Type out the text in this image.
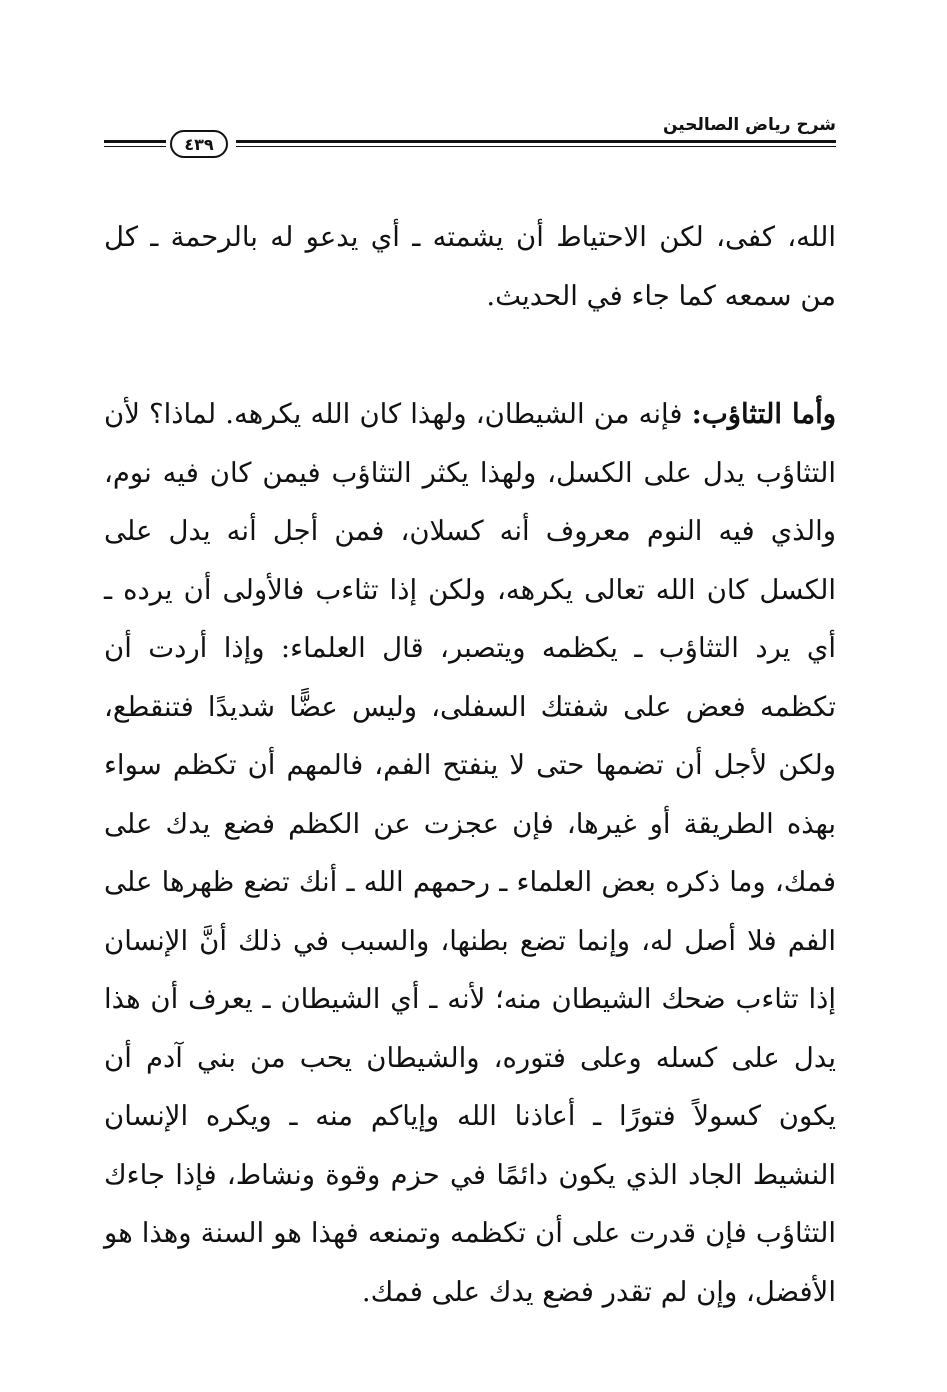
٤٣٩
شرح رياض الصالحين

الله، كفى، لكن الاحتياط أن يشمته ـ أي يدعو له بالرحمة ـ كل من سمعه كما جاء في الحديث.

وأما التثاؤب: فإنه من الشيطان، ولهذا كان الله يكرهه. لماذا؟ لأن التثاؤب يدل على الكسل، ولهذا يكثر التثاؤب فيمن كان فيه نوم، والذي فيه النوم معروف أنه كسلان، فمن أجل أنه يدل على الكسل كان الله تعالى يكرهه، ولكن إذا تثاءب فالأولى أن يرده ـ أي يرد التثاؤب ـ يكظمه ويتصبر، قال العلماء: وإذا أردت أن تكظمه فعض على شفتك السفلى، وليس عضًّا شديدًا فتنقطع، ولكن لأجل أن تضمها حتى لا ينفتح الفم، فالمهم أن تكظم سواء بهذه الطريقة أو غيرها، فإن عجزت عن الكظم فضع يدك على فمك، وما ذكره بعض العلماء ـ رحمهم الله ـ أنك تضع ظهرها على الفم فلا أصل له، وإنما تضع بطنها، والسبب في ذلك أنَّ الإنسان إذا تثاءب ضحك الشيطان منه؛ لأنه ـ أي الشيطان ـ يعرف أن هذا يدل على كسله وعلى فتوره، والشيطان يحب من بني آدم أن يكون كسولاً فتورًا ـ أعاذنا الله وإياكم منه ـ ويكره الإنسان النشيط الجاد الذي يكون دائمًا في حزم وقوة ونشاط، فإذا جاءك التثاؤب فإن قدرت على أن تكظمه وتمنعه فهذا هو السنة وهذا هو الأفضل، وإن لم تقدر فضع يدك على فمك.
